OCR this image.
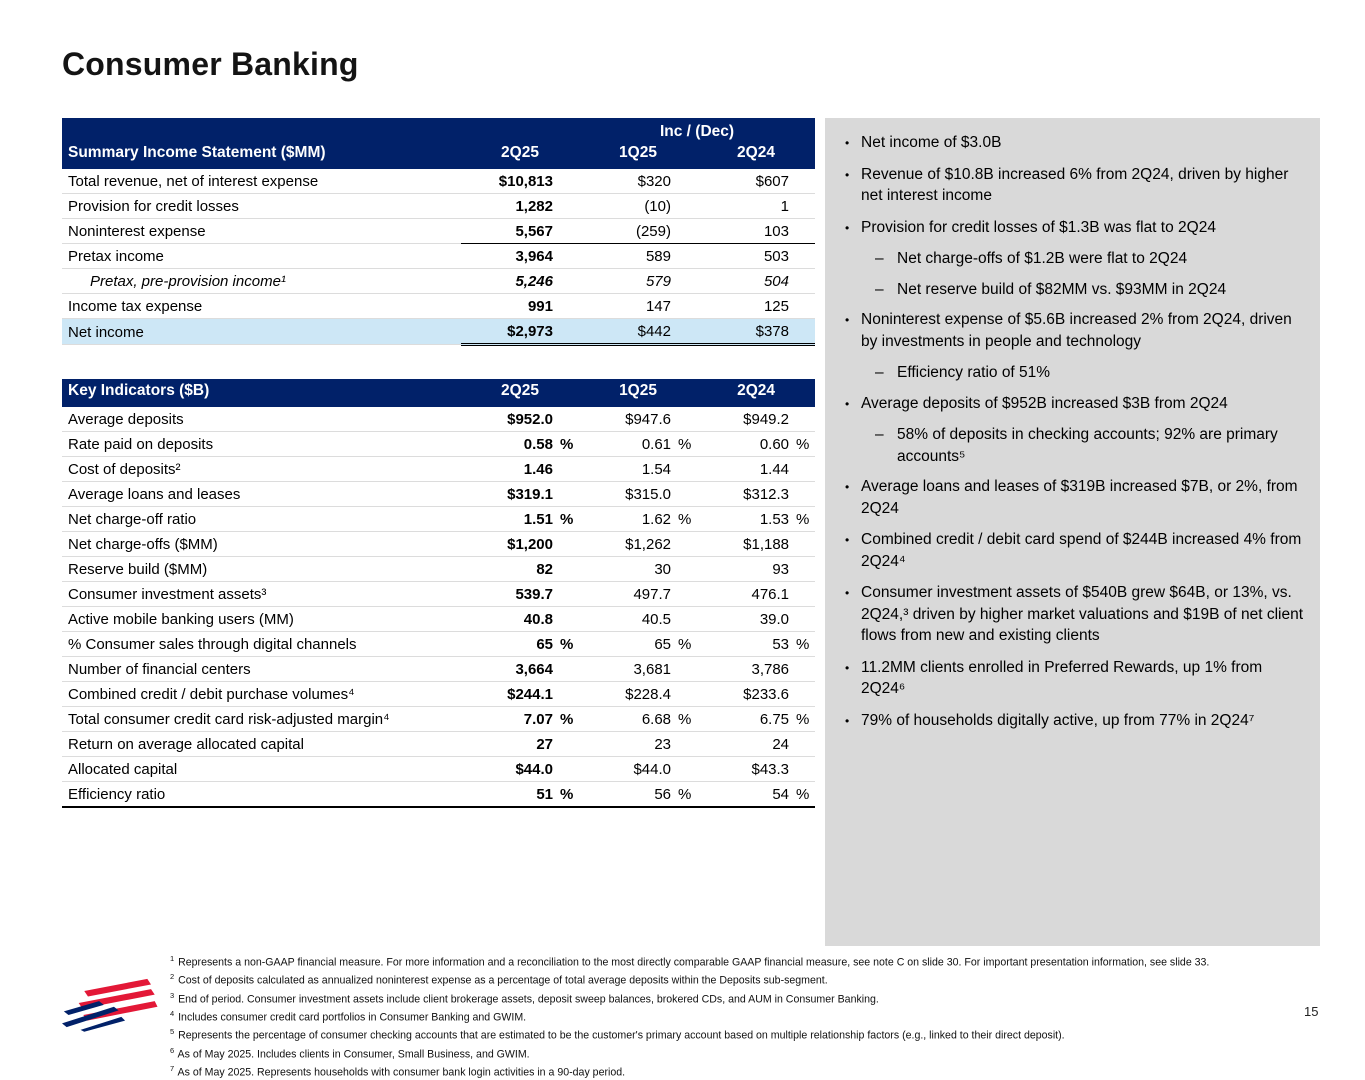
Consumer Banking
			Inc / (Dec)			
Summary Income Statement ($MM)	2Q25		1Q25		2Q24	
Total revenue, net of interest expense	$10,813		$320		$607	
Provision for credit losses	1,282		(10)		1	
Noninterest expense	5,567		(259)		103	
Pretax income	3,964		589		503	
Pretax, pre-provision income¹	5,246		579		504	
Income tax expense	991		147		125	
Net income	$2,973		$442		$378	
Key Indicators ($B)	2Q25		1Q25		2Q24	
Average deposits	$952.0		$947.6		$949.2	
Rate paid on deposits	0.58	%	0.61	%	0.60	%
Cost of deposits²	1.46		1.54		1.44	
Average loans and leases	$319.1		$315.0		$312.3	
Net charge-off ratio	1.51	%	1.62	%	1.53	%
Net charge-offs ($MM)	$1,200		$1,262		$1,188	
Reserve build ($MM)	82		30		93	
Consumer investment assets³	539.7		497.7		476.1	
Active mobile banking users (MM)	40.8		40.5		39.0	
% Consumer sales through digital channels	65	%	65	%	53	%
Number of financial centers	3,664		3,681		3,786	
Combined credit / debit purchase volumes⁴	$244.1		$228.4		$233.6	
Total consumer credit card risk-adjusted margin⁴	7.07	%	6.68	%	6.75	%
Return on average allocated capital	27		23		24	
Allocated capital	$44.0		$44.0		$43.3	
Efficiency ratio	51	%	56	%	54	%
• Net income of $3.0B
• Revenue of $10.8B increased 6% from 2Q24, driven by higher net interest income
• Provision for credit losses of $1.3B was flat to 2Q24
– Net charge-offs of $1.2B were flat to 2Q24
– Net reserve build of $82MM vs. $93MM in 2Q24
• Noninterest expense of $5.6B increased 2% from 2Q24, driven by investments in people and technology
– Efficiency ratio of 51%
• Average deposits of $952B increased $3B from 2Q24
– 58% of deposits in checking accounts; 92% are primary accounts⁵
• Average loans and leases of $319B increased $7B, or 2%, from 2Q24
• Combined credit / debit card spend of $244B increased 4% from 2Q24⁴
• Consumer investment assets of $540B grew $64B, or 13%, vs. 2Q24,³ driven by higher market valuations and $19B of net client flows from new and existing clients
• 11.2MM clients enrolled in Preferred Rewards, up 1% from 2Q24⁶
• 79% of households digitally active, up from 77% in 2Q24⁷
$^1$ Represents a non-GAAP financial measure. For more information and a reconciliation to the most directly comparable GAAP financial measure, see note C on slide 30. For important presentation information, see slide 33.
$^2$ Cost of deposits calculated as annualized noninterest expense as a percentage of total average deposits within the Deposits sub-segment.
$^3$ End of period. Consumer investment assets include client brokerage assets, deposit sweep balances, brokered CDs, and AUM in Consumer Banking.
$^4$ Includes consumer credit card portfolios in Consumer Banking and GWIM.
$^5$ Represents the percentage of consumer checking accounts that are estimated to be the customer's primary account based on multiple relationship factors (e.g., linked to their direct deposit).
$^6$ As of May 2025. Includes clients in Consumer, Small Business, and GWIM.
$^7$ As of May 2025. Represents households with consumer bank login activities in a 90-day period.
15
